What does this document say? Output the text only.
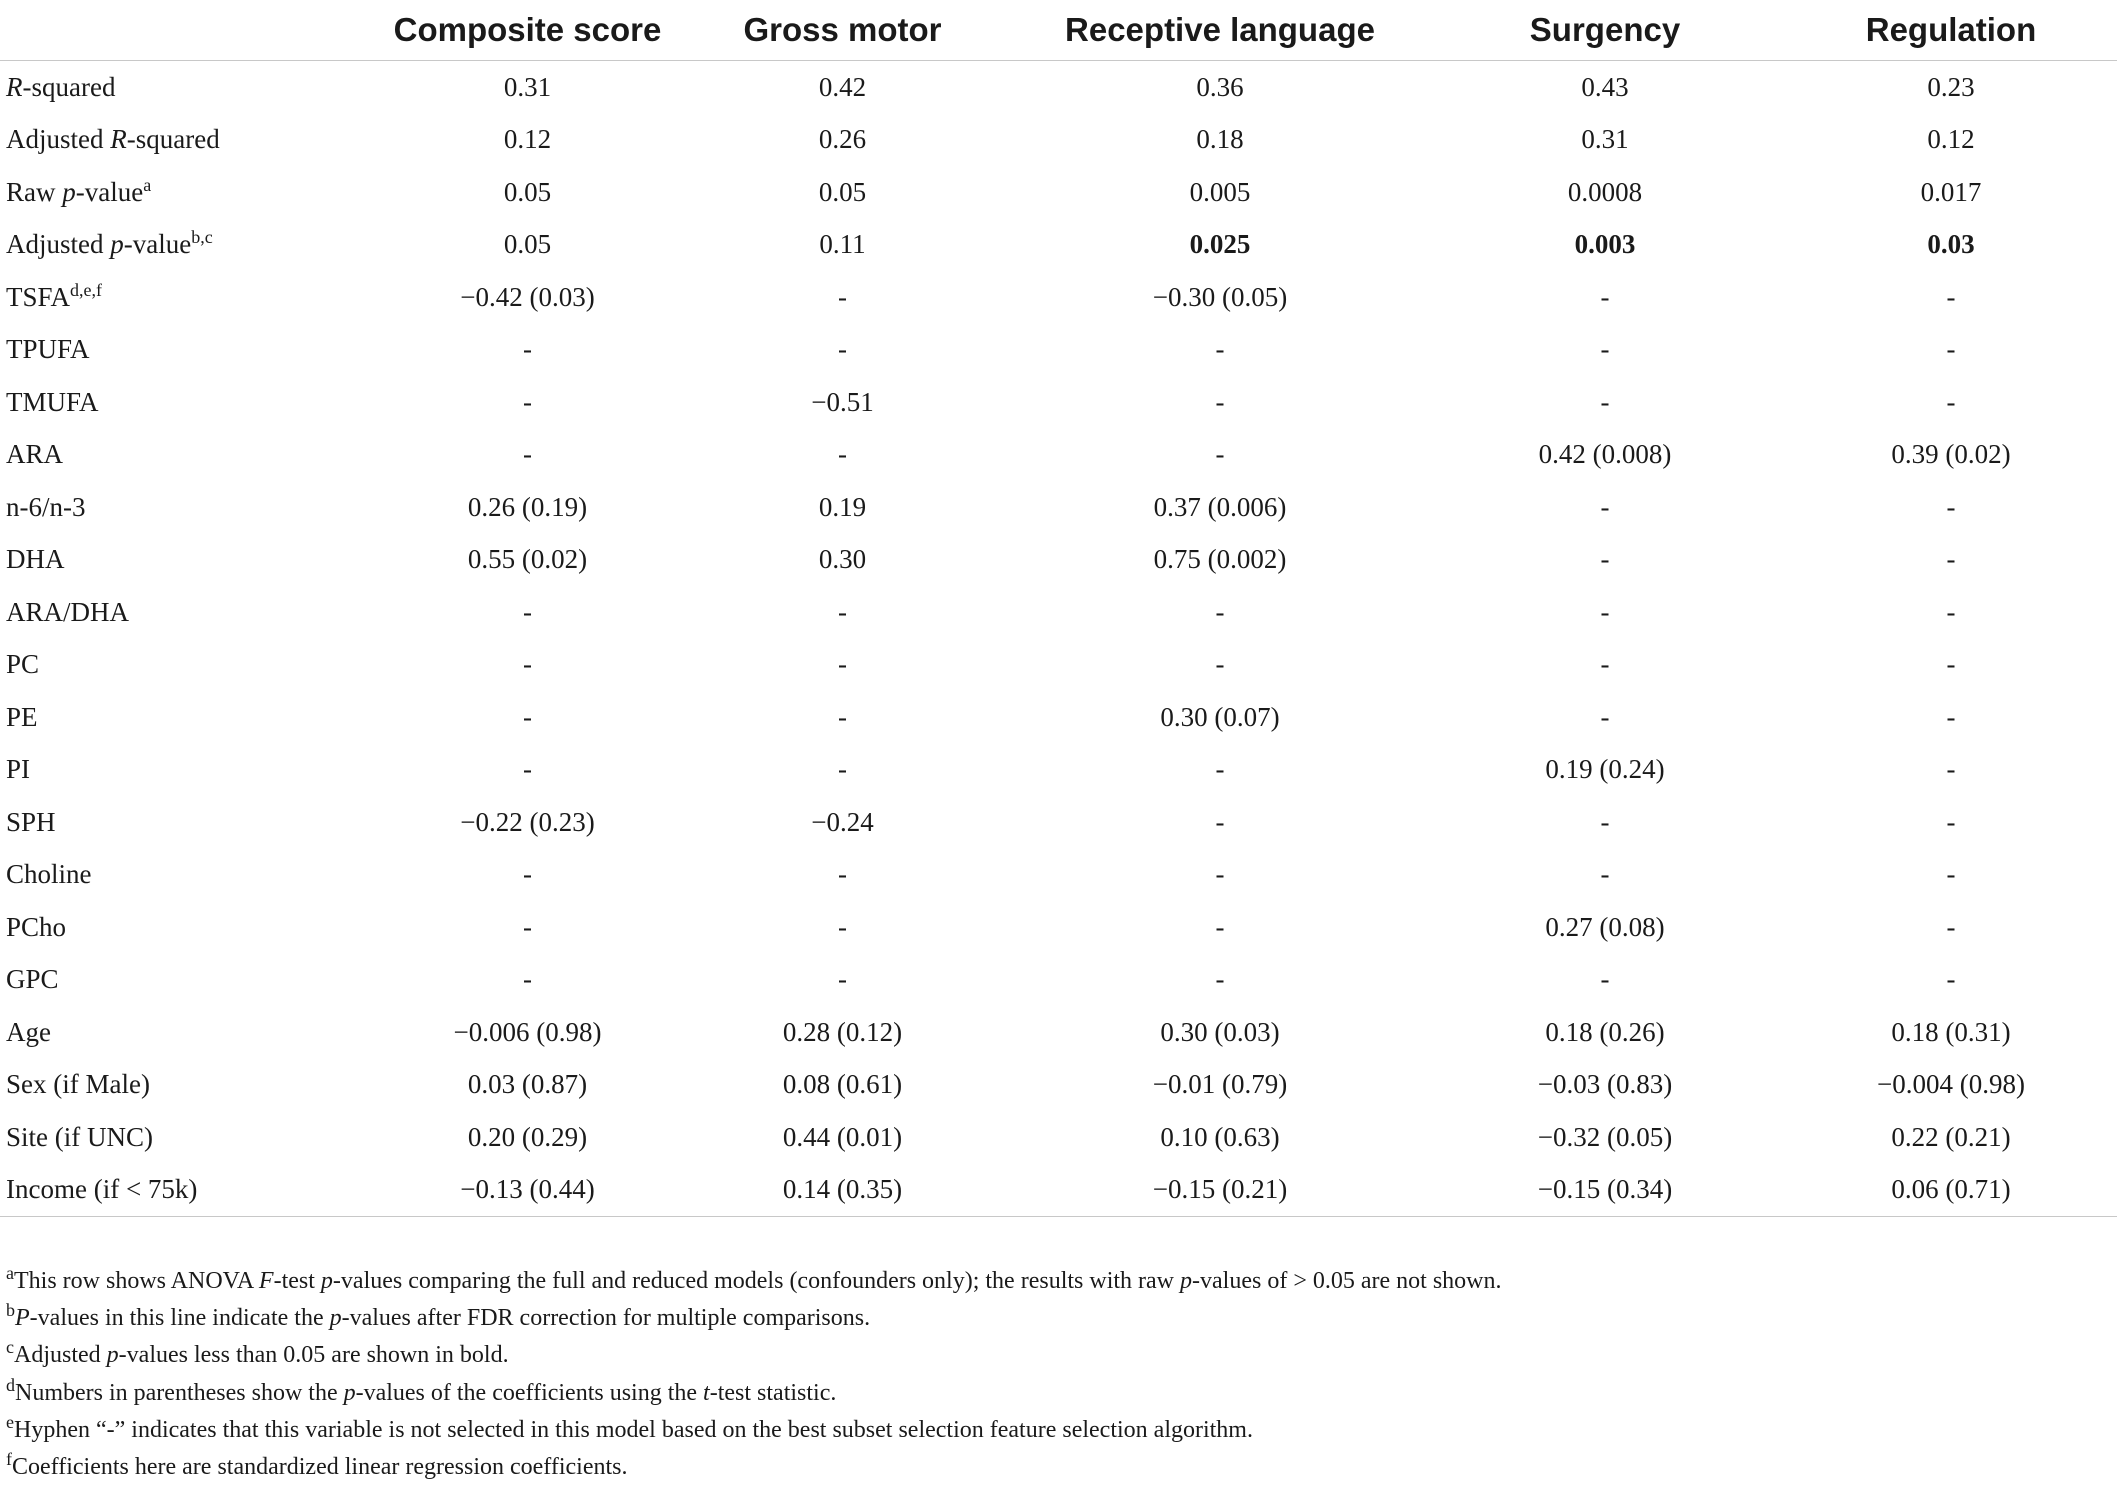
	Composite score	Gross motor	Receptive language	Surgency	Regulation
R-squared	0.31	0.42	0.36	0.43	0.23
Adjusted R-squared	0.12	0.26	0.18	0.31	0.12
Raw p-value$^a$	0.05	0.05	0.005	0.0008	0.017
Adjusted p-value$^{b,c}$	0.05	0.11	0.025	0.003	0.03
TSFA$^{d,e,f}$	−0.42 (0.03)	-	−0.30 (0.05)	-	-
TPUFA	-	-	-	-	-
TMUFA	-	−0.51	-	-	-
ARA	-	-	-	0.42 (0.008)	0.39 (0.02)
n-6/n-3	0.26 (0.19)	0.19	0.37 (0.006)	-	-
DHA	0.55 (0.02)	0.30	0.75 (0.002)	-	-
ARA/DHA	-	-	-	-	-
PC	-	-	-	-	-
PE	-	-	0.30 (0.07)	-	-
PI	-	-	-	0.19 (0.24)	-
SPH	−0.22 (0.23)	−0.24	-	-	-
Choline	-	-	-	-	-
PCho	-	-	-	0.27 (0.08)	-
GPC	-	-	-	-	-
Age	−0.006 (0.98)	0.28 (0.12)	0.30 (0.03)	0.18 (0.26)	0.18 (0.31)
Sex (if Male)	0.03 (0.87)	0.08 (0.61)	−0.01 (0.79)	−0.03 (0.83)	−0.004 (0.98)
Site (if UNC)	0.20 (0.29)	0.44 (0.01)	0.10 (0.63)	−0.32 (0.05)	0.22 (0.21)
Income (if < 75k)	−0.13 (0.44)	0.14 (0.35)	−0.15 (0.21)	−0.15 (0.34)	0.06 (0.71)
$^a$This row shows ANOVA F-test p-values comparing the full and reduced models (confounders only); the results with raw p-values of > 0.05 are not shown.
$^b$P-values in this line indicate the p-values after FDR correction for multiple comparisons.
$^c$Adjusted p-values less than 0.05 are shown in bold.
$^d$Numbers in parentheses show the p-values of the coefficients using the t-test statistic.
$^e$Hyphen “-” indicates that this variable is not selected in this model based on the best subset selection feature selection algorithm.
$^f$Coefficients here are standardized linear regression coefficients.
